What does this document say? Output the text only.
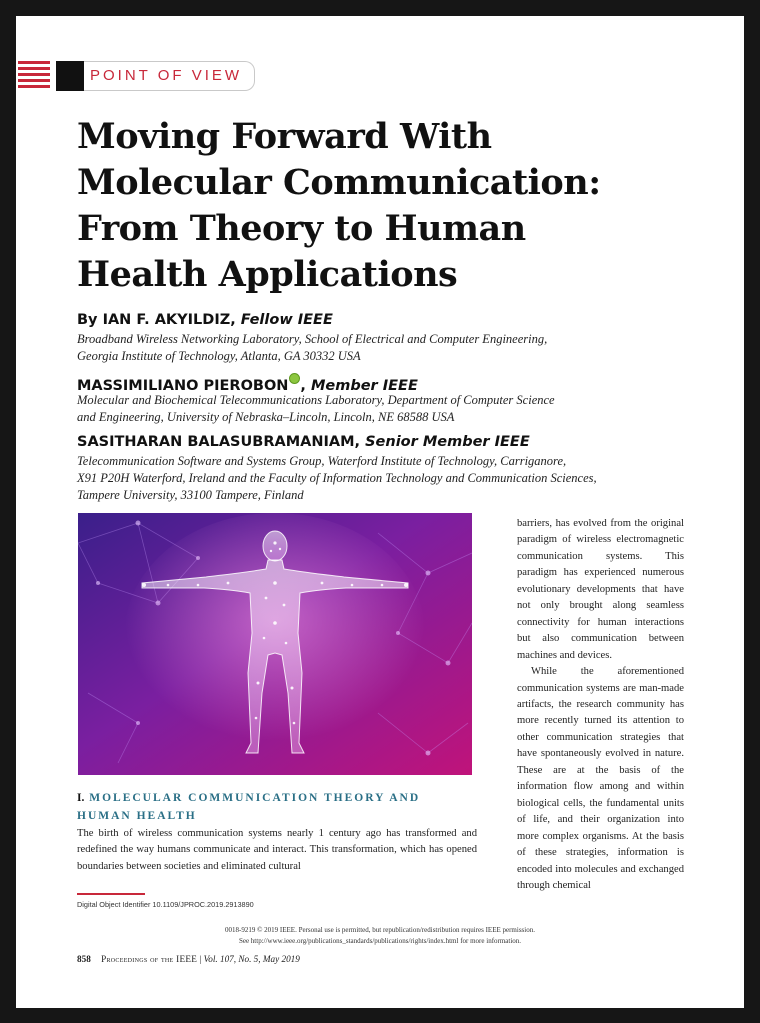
POINT OF VIEW
Moving Forward With
Molecular Communication:
From Theory to Human
Health Applications

By IAN F. AKYILDIZ, Fellow IEEE

Broadband Wireless Networking Laboratory, School of Electrical and Computer Engineering,
Georgia Institute of Technology, Atlanta, GA 30332 USA

MASSIMILIANO PIEROBON , Member IEEE

Molecular and Biochemical Telecommunications Laboratory, Department of Computer Science
and Engineering, University of Nebraska–Lincoln, Lincoln, NE 68588 USA

SASITHARAN BALASUBRAMANIAM, Senior Member IEEE

Telecommunication Software and Systems Group, Waterford Institute of Technology, Carriganore,
X91 P20H Waterford, Ireland and the Faculty of Information Technology and Communication Sciences,
Tampere University, 33100 Tampere, Finland

I. MOLECULAR COMMUNICATION THEORY AND
HUMAN HEALTH

The birth of wireless communication systems nearly 1 century ago has transformed and redefined the way humans communicate and interact. This transformation, which has opened boundaries between societies and eliminated cultural

barriers, has evolved from the original paradigm of wireless electromagnetic communication systems. This paradigm has experienced numerous evolutionary developments that have not only brought along seamless connectivity for human interactions but also communication between machines and devices.

While the aforementioned communication systems are man-made artifacts, the research community has more recently turned its attention to other communication strategies that have spontaneously evolved in nature. These are at the basis of the information flow among and within biological cells, the fundamental units of life, and their organization into more complex organisms. At the basis of these strategies, information is encoded into molecules and exchanged through chemical

Digital Object Identifier 10.1109/JPROC.2019.2913890
0018-9219 © 2019 IEEE. Personal use is permitted, but republication/redistribution requires IEEE permission.
See http://www.ieee.org/publications_standards/publications/rights/index.html for more information.
858 Proceedings of the IEEE | Vol. 107, No. 5, May 2019
